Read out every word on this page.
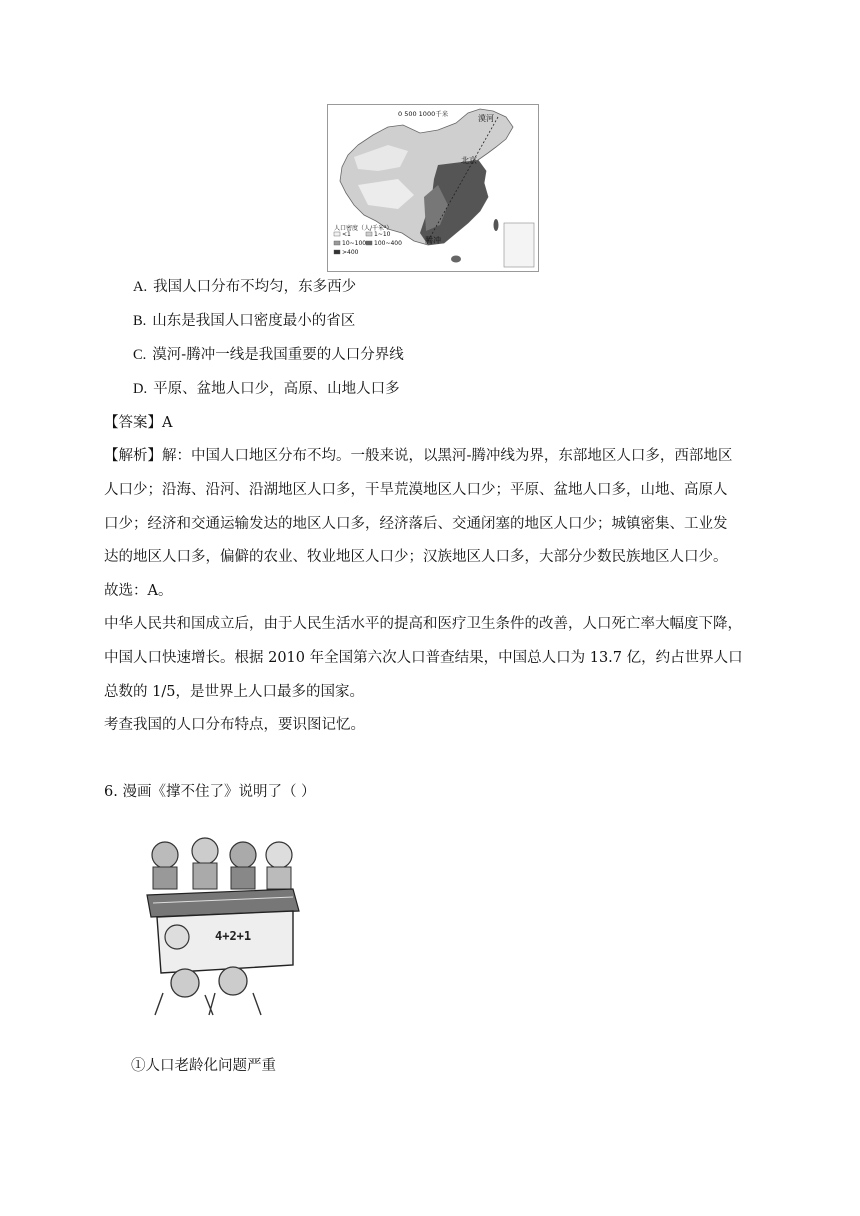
0 500 1000千米	漠河
北京
腾冲
人口密度（人/千米²）
<1	1~10
10~100 100~400
>400
A. 我国人口分布不均匀，东多西少
B. 山东是我国人口密度最小的省区
C. 漠河-腾冲一线是我国重要的人口分界线
D. 平原、盆地人口少，高原、山地人口多
【答案】A
【解析】解：中国人口地区分布不均。一般来说，以黑河-腾冲线为界，东部地区人口多，西部地区
人口少；沿海、沿河、沿湖地区人口多，干旱荒漠地区人口少；平原、盆地人口多，山地、高原人
口少；经济和交通运输发达的地区人口多，经济落后、交通闭塞的地区人口少；城镇密集、工业发
达的地区人口多，偏僻的农业、牧业地区人口少；汉族地区人口多，大部分少数民族地区人口少。
故选：A。
中华人民共和国成立后，由于人民生活水平的提高和医疗卫生条件的改善，人口死亡率大幅度下降，
中国人口快速增长。根据 2010 年全国第六次人口普查结果，中国总人口为 13.7 亿，约占世界人口
总数的 1/5，是世界上人口最多的国家。
考查我国的人口分布特点，要识图记忆。
6. 漫画《撑不住了》说明了（ ）
4+2+1
①人口老龄化问题严重
